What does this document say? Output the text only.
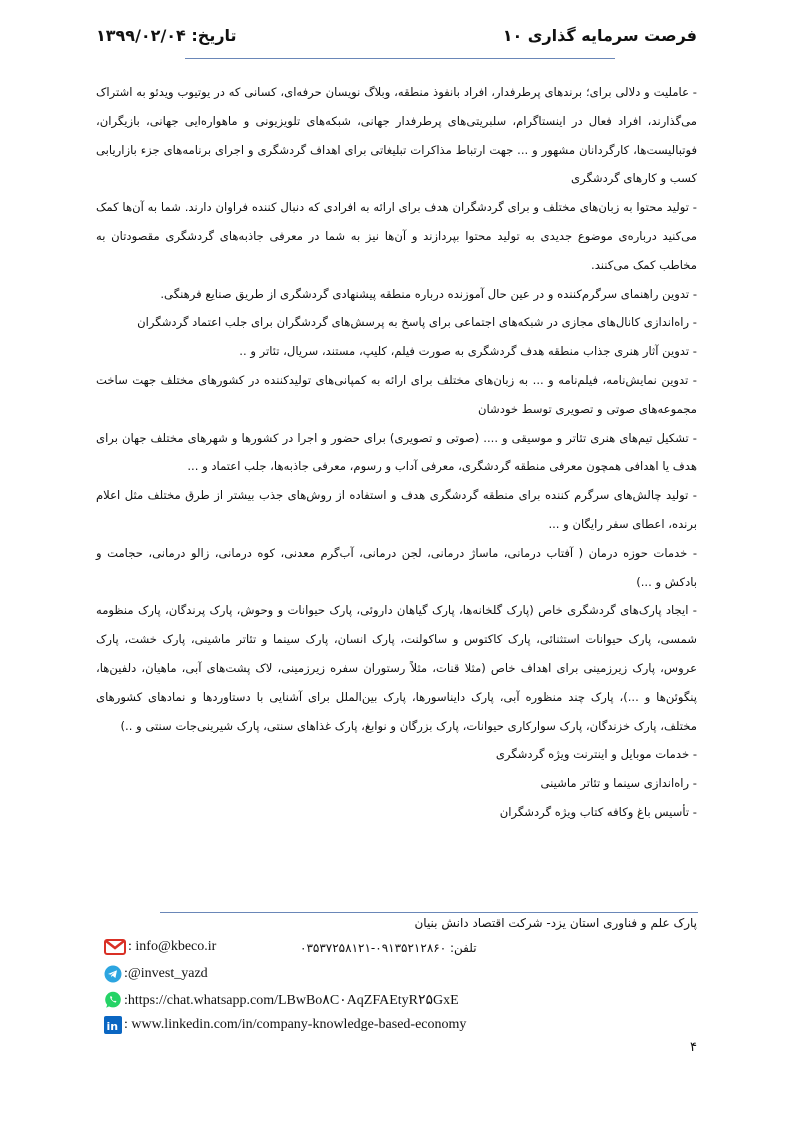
فرصت سرمایه گذاری ۱۰
تاریخ: ۱۳۹۹/۰۲/۰۴

- عاملیت و دلالی برای؛ برندهای پرطرفدار، افراد بانفوذ منطقه، وبلاگ نویسان حرفه‌ای، کسانی که در یوتیوب ویدئو به اشتراک می‌گذارند، افراد فعال در اینستاگرام، سلبریتی‌های پرطرفدار جهانی، شبکه‌های تلویزیونی و ماهواره‌ایی جهانی، بازیگران، فوتبالیست‌ها، کارگردانان مشهور و ... جهت ارتباط مذاکرات تبلیغاتی برای اهداف گردشگری و اجرای برنامه‌های جزء بازاریابی کسب و کارهای گردشگری

- تولید محتوا به زبان‌های مختلف و برای گردشگران هدف برای ارائه به افرادی که دنبال کننده فراوان دارند. شما به آن‌ها کمک می‌کنید درباره‌ی موضوع جدیدی به تولید محتوا بپردازند و آن‌ها نیز به شما در معرفی جاذبه‌های گردشگری مقصودتان به مخاطب کمک می‌کنند.

- تدوین راهنمای سرگرم‌کننده و در عین حال آموزنده درباره منطقه پیشنهادی گردشگری از طریق صنایع فرهنگی.

- راه‌اندازی کانال‌های مجازی در شبکه‌های اجتماعی برای پاسخ به پرسش‌های گردشگران برای جلب اعتماد گردشگران

- تدوین آثار هنری جذاب منطقه هدف گردشگری به صورت فیلم، کلیپ، مستند، سریال، تئاتر و ..

- تدوین نمایش‌نامه، فیلم‌نامه و ... به زبان‌های مختلف برای ارائه به کمپانی‌های تولیدکننده در کشورهای مختلف جهت ساخت مجموعه‌های صوتی و تصویری توسط خودشان

- تشکیل تیم‌های هنری تئاتر و موسیقی و .... (صوتی و تصویری) برای حضور و اجرا در کشورها و شهرهای مختلف جهان برای هدف یا اهدافی همچون معرفی منطقه گردشگری، معرفی آداب و رسوم، معرفی جاذبه‌ها، جلب اعتماد و ...

- تولید چالش‌های سرگرم کننده برای منطقه گردشگری هدف و استفاده از روش‌های جذب بیشتر از طرق مختلف مثل اعلام برنده، اعطای سفر رایگان و ...

- خدمات حوزه درمان ( آفتاب درمانی، ماساژ درمانی، لجن درمانی، آب‌گرم معدنی، کوه درمانی، زالو درمانی، حجامت و بادکش و ...)

- ایجاد پارک‌های گردشگری خاص (پارک گلخانه‌ها، پارک گیاهان داروئی، پارک حیوانات و وحوش، پارک پرندگان، پارک منظومه شمسی، پارک حیوانات استثنائی، پارک کاکتوس و ساکولنت، پارک انسان، پارک سینما و تئاتر ماشینی، پارک خشت، پارک عروس، پارک زیرزمینی برای اهداف خاص (مثلا قنات، مثلاً رستوران سفره زیرزمینی، لاک پشت‌های آبی، ماهیان، دلفین‌ها، پنگوئن‌ها و ...)، پارک چند منظوره آبی، پارک دایناسورها، پارک بین‌الملل برای آشنایی با دستاوردها و نمادهای کشورهای مختلف، پارک خزندگان، پارک سوارکاری حیوانات، پارک بزرگان و نوابغ، پارک غذاهای سنتی، پارک شیرینی‌جات سنتی و ..)

- خدمات موبایل و اینترنت ویژه گردشگری

- راه‌اندازی سینما و تئاتر ماشینی

- تأسیس باغ وکافه کتاب ویژه گردشگران

پارک علم و فناوری استان یزد- شرکت اقتصاد دانش بنیان
: info@kbeco.ir	تلفن: ۰۹۱۳۵۲۱۲۸۶۰-۰۳۵۳۷۲۵۸۱۲۱
:@invest_yazd
:https://chat.whatsapp.com/LBwBo۸C۰AqZFAEtyR۲۵GxE
in : www.linkedin.com/in/company-knowledge-based-economy
۴
